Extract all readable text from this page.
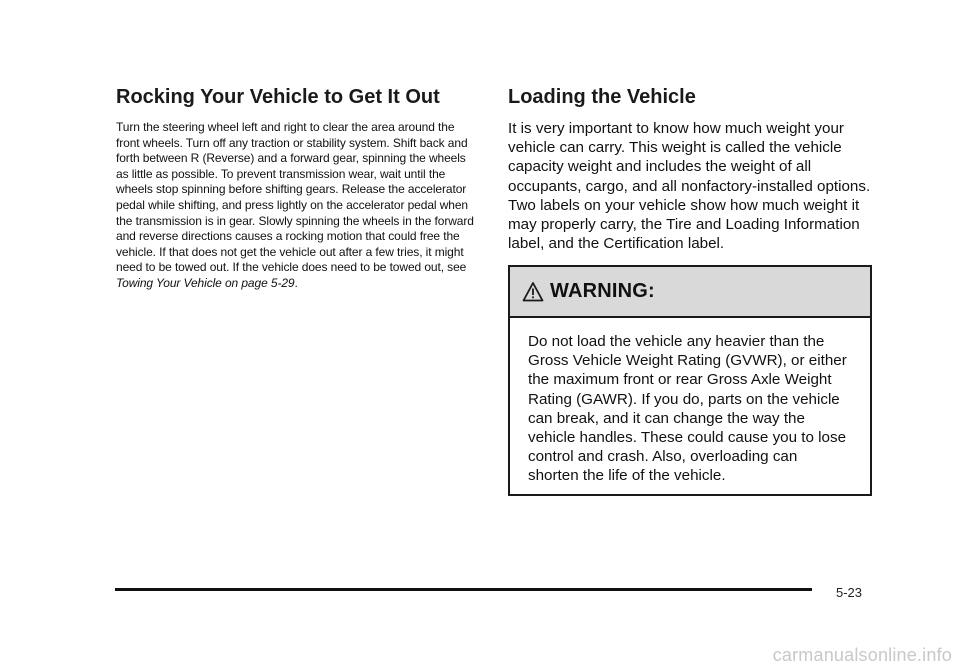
Rocking Your Vehicle to Get It Out

Turn the steering wheel left and right to clear the area around the front wheels. Turn off any traction or stability system. Shift back and forth between R (Reverse) and a forward gear, spinning the wheels as little as possible. To prevent transmission wear, wait until the wheels stop spinning before shifting gears. Release the accelerator pedal while shifting, and press lightly on the accelerator pedal when the transmission is in gear. Slowly spinning the wheels in the forward and reverse directions causes a rocking motion that could free the vehicle. If that does not get the vehicle out after a few tries, it might need to be towed out. If the vehicle does need to be towed out, see Towing Your Vehicle on page 5-29.

Loading the Vehicle

It is very important to know how much weight your vehicle can carry. This weight is called the vehicle capacity weight and includes the weight of all occupants, cargo, and all nonfactory-installed options. Two labels on your vehicle show how much weight it may properly carry, the Tire and Loading Information label, and the Certification label.

WARNING:
Do not load the vehicle any heavier than the Gross Vehicle Weight Rating (GVWR), or either the maximum front or rear Gross Axle Weight Rating (GAWR). If you do, parts on the vehicle can break, and it can change the way the vehicle handles. These could cause you to lose control and crash. Also, overloading can shorten the life of the vehicle.
5-23
carmanualsonline.info
